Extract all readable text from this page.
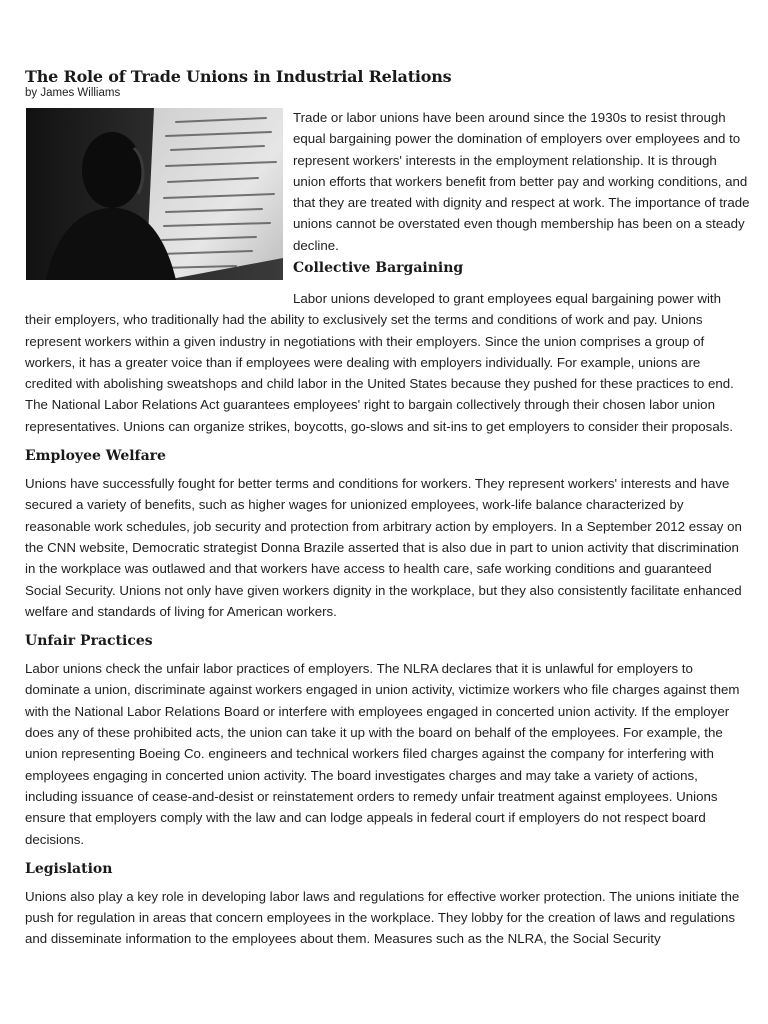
The Role of Trade Unions in Industrial Relations
by James Williams

Trade or labor unions have been around since the 1930s to resist through equal bargaining power the domination of employers over employees and to represent workers' interests in the employment relationship. It is through union efforts that workers benefit from better pay and working conditions, and that they are treated with dignity and respect at work. The importance of trade unions cannot be overstated even though membership has been on a steady decline.

Collective Bargaining

Labor unions developed to grant employees equal bargaining power with their employers, who traditionally had the ability to exclusively set the terms and conditions of work and pay. Unions represent workers within a given industry in negotiations with their employers. Since the union comprises a group of workers, it has a greater voice than if employees were dealing with employers individually. For example, unions are credited with abolishing sweatshops and child labor in the United States because they pushed for these practices to end. The National Labor Relations Act guarantees employees' right to bargain collectively through their chosen labor union representatives. Unions can organize strikes, boycotts, go-slows and sit-ins to get employers to consider their proposals.

Employee Welfare

Unions have successfully fought for better terms and conditions for workers. They represent workers' interests and have secured a variety of benefits, such as higher wages for unionized employees, work-life balance characterized by reasonable work schedules, job security and protection from arbitrary action by employers. In a September 2012 essay on the CNN website, Democratic strategist Donna Brazile asserted that is also due in part to union activity that discrimination in the workplace was outlawed and that workers have access to health care, safe working conditions and guaranteed Social Security. Unions not only have given workers dignity in the workplace, but they also consistently facilitate enhanced welfare and standards of living for American workers.

Unfair Practices

Labor unions check the unfair labor practices of employers. The NLRA declares that it is unlawful for employers to dominate a union, discriminate against workers engaged in union activity, victimize workers who file charges against them with the National Labor Relations Board or interfere with employees engaged in concerted union activity. If the employer does any of these prohibited acts, the union can take it up with the board on behalf of the employees. For example, the union representing Boeing Co. engineers and technical workers filed charges against the company for interfering with employees engaging in concerted union activity. The board investigates charges and may take a variety of actions, including issuance of cease-and-desist or reinstatement orders to remedy unfair treatment against employees. Unions ensure that employers comply with the law and can lodge appeals in federal court if employers do not respect board decisions.

Legislation

Unions also play a key role in developing labor laws and regulations for effective worker protection. The unions initiate the push for regulation in areas that concern employees in the workplace. They lobby for the creation of laws and regulations and disseminate information to the employees about them. Measures such as the NLRA, the Social Security
